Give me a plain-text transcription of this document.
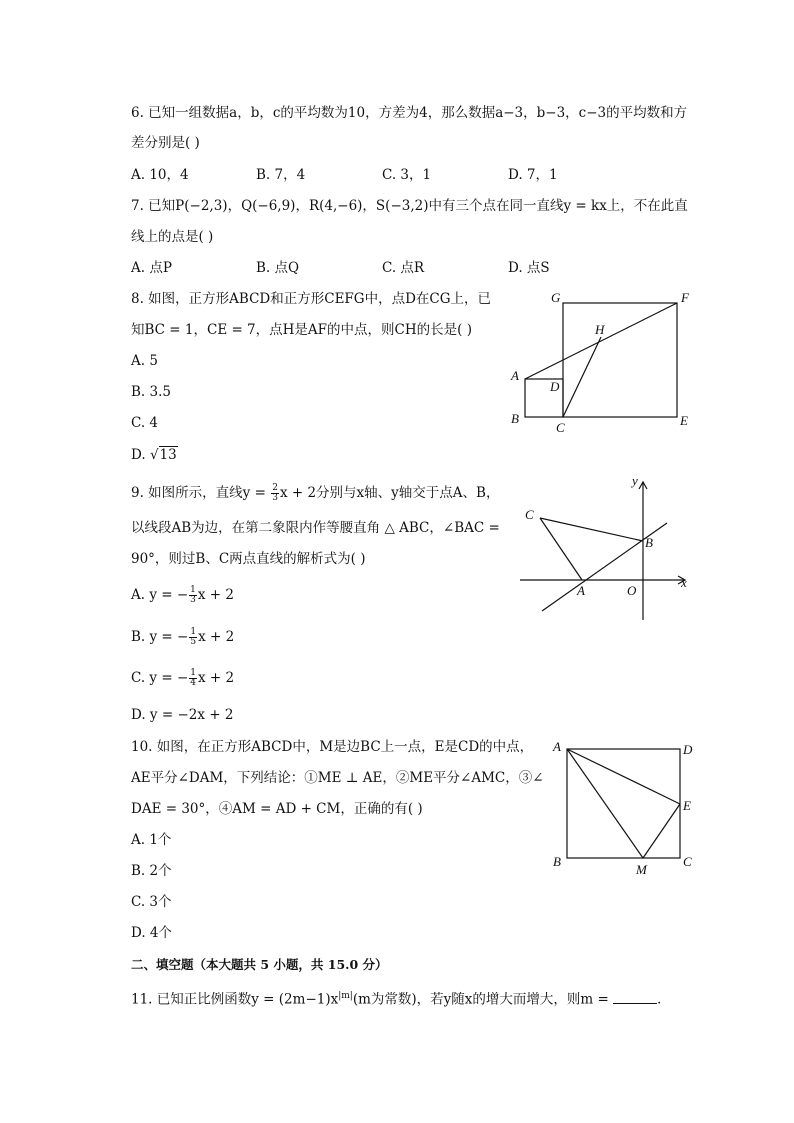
6. 已知一组数据a，b，c的平均数为10，方差为4，那么数据a−3，b−3，c−3的平均数和方
差分别是( )
A. 10，4	B. 7，4	C. 3，1	D. 7，1
7. 已知P(−2,3)，Q(−6,9)，R(4,−6)，S(−3,2)中有三个点在同一直线y = kx上，不在此直
线上的点是( )
A. 点P	B. 点Q	C. 点R	D. 点S
8. 如图，正方形ABCD和正方形CEFG中，点D在CG上，已
知BC = 1，CE = 7，点H是AF的中点，则CH的长是( )
A. 5
B. 3.5
C. 4
D. √13
G	F
H
A
D
B
C	E
9. 如图所示，直线$y = \frac{2}{3}$ x + 2分别与x轴、y轴交于点A、B，
以线段AB为边，在第二象限内作等腰直角 △ ABC，∠BAC =
90°，则过B、C两点直线的解析式为( )
A. y = − $\frac{1}{3}$ x + 2
B. y = − $\frac{1}{5}$ x + 2
C. y = − $\frac{1}{4}$ x + 2
D. y = −2x + 2
y
C
B
A	O
x
10. 如图，在正方形ABCD中，M是边BC上一点，E是CD的中点，
AE平分∠DAM，下列结论：①ME ⊥ AE，②ME平分∠AMC，③∠
DAE = 30°，④AM = AD + CM，正确的有( )
A. 1个
B. 2个
C. 3个
D. 4个
A	D
E
B
M
C
二、填空题（本大题共 5 小题，共 15.0 分）
11. 已知正比例函数$y = (2m-1)x^{|m|}(m$为常数)，若y随x的增大而增大，则m =	．
